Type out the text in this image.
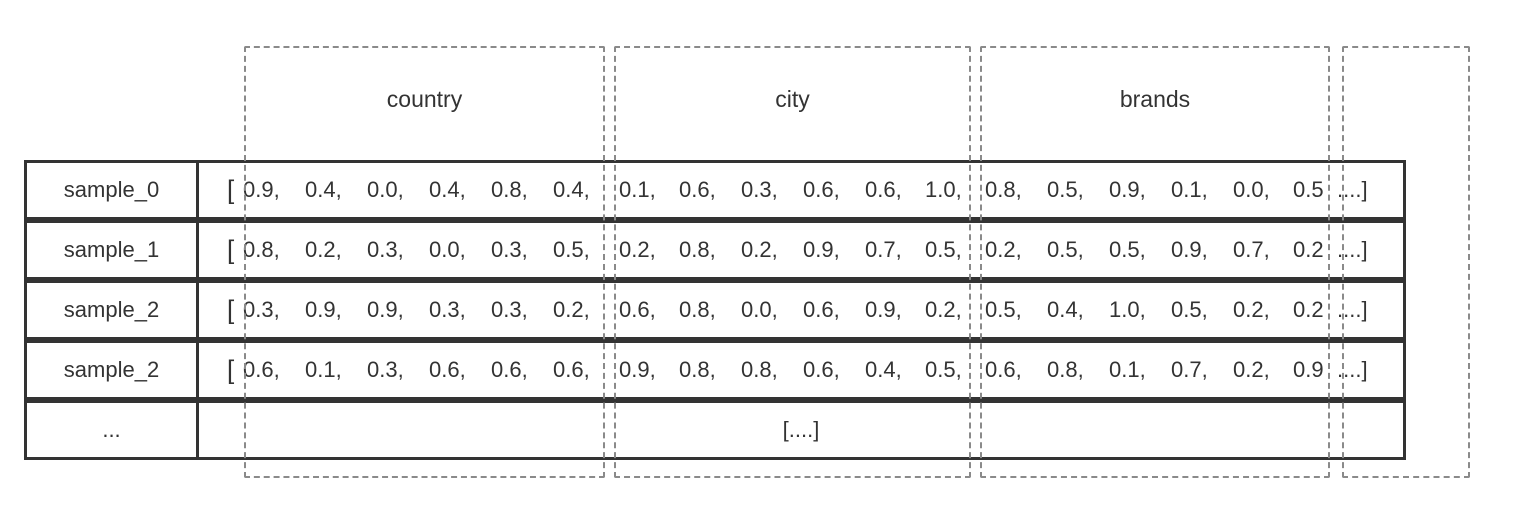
country	city	brands
sample_0	[ 0.9, 0.4, 0.0, 0.4, 0.8, 0.4, 0.1, 0.6, 0.3, 0.6, 0.6, 1.0, 0.8, 0.5, 0.9, 0.1, 0.0, 0.5 ....]
sample_1	[ 0.8, 0.2, 0.3, 0.0, 0.3, 0.5, 0.2, 0.8, 0.2, 0.9, 0.7, 0.5, 0.2, 0.5, 0.5, 0.9, 0.7, 0.2 ....]
sample_2	[ 0.3, 0.9, 0.9, 0.3, 0.3, 0.2, 0.6, 0.8, 0.0, 0.6, 0.9, 0.2, 0.5, 0.4, 1.0, 0.5, 0.2, 0.2 ....]
sample_2	[ 0.6, 0.1, 0.3, 0.6, 0.6, 0.6, 0.9, 0.8, 0.8, 0.6, 0.4, 0.5, 0.6, 0.8, 0.1, 0.7, 0.2, 0.9 ....]
...	[....]
